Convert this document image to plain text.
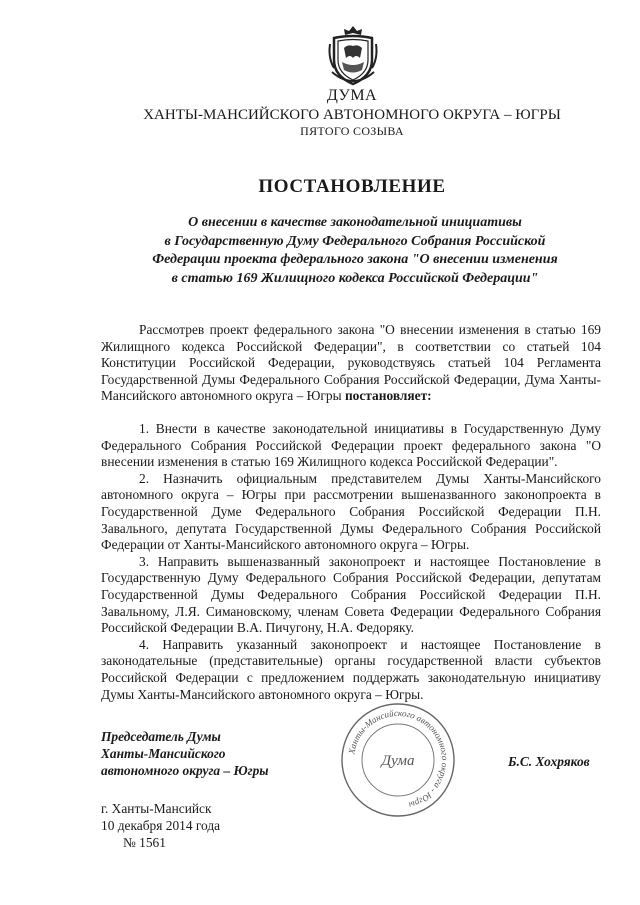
ДУМА
ХАНТЫ-МАНСИЙСКОГО АВТОНОМНОГО ОКРУГА – ЮГРЫ
ПЯТОГО СОЗЫВА
ПОСТАНОВЛЕНИЕ
О внесении в качестве законодательной инициативы
в Государственную Думу Федерального Собрания Российской
Федерации проекта федерального закона "О внесении изменения
в статью 169 Жилищного кодекса Российской Федерации"

Рассмотрев проект федерального закона "О внесении изменения в статью 169 Жилищного кодекса Российской Федерации", в соответствии со статьей 104 Конституции Российской Федерации, руководствуясь статьей 104 Регламента Государственной Думы Федерального Собрания Российской Федерации, Дума Ханты-Мансийского автономного округа – Югры постановляет:

1. Внести в качестве законодательной инициативы в Государственную Думу Федерального Собрания Российской Федерации проект федерального закона "О внесении изменения в статью 169 Жилищного кодекса Российской Федерации".

2. Назначить официальным представителем Думы Ханты-Мансийского автономного округа – Югры при рассмотрении вышеназванного законопроекта в Государственной Думе Федерального Собрания Российской Федерации П.Н. Завального, депутата Государственной Думы Федерального Собрания Российской Федерации от Ханты-Мансийского автономного округа – Югры.

3. Направить вышеназванный законопроект и настоящее Постановление в Государственную Думу Федерального Собрания Российской Федерации, депутатам Государственной Думы Федерального Собрания Российской Федерации П.Н. Завальному, Л.Я. Симановскому, членам Совета Федерации Федерального Собрания Российской Федерации В.А. Пичугону, Н.А. Федоряку.

4. Направить указанный законопроект и настоящее Постановление в законодательные (представительные) органы государственной власти субъектов Российской Федерации с предложением поддержать законодательную инициативу Думы Ханты-Мансийского автономного округа – Югры.

Председатель Думы
Ханты-Мансийского
автономного округа – Югры
Ханты-Мансийского автономного округа - Югры
Дума	Б.С. Хохряков
г. Ханты-Мансийск
10 декабря 2014 года
№ 1561
